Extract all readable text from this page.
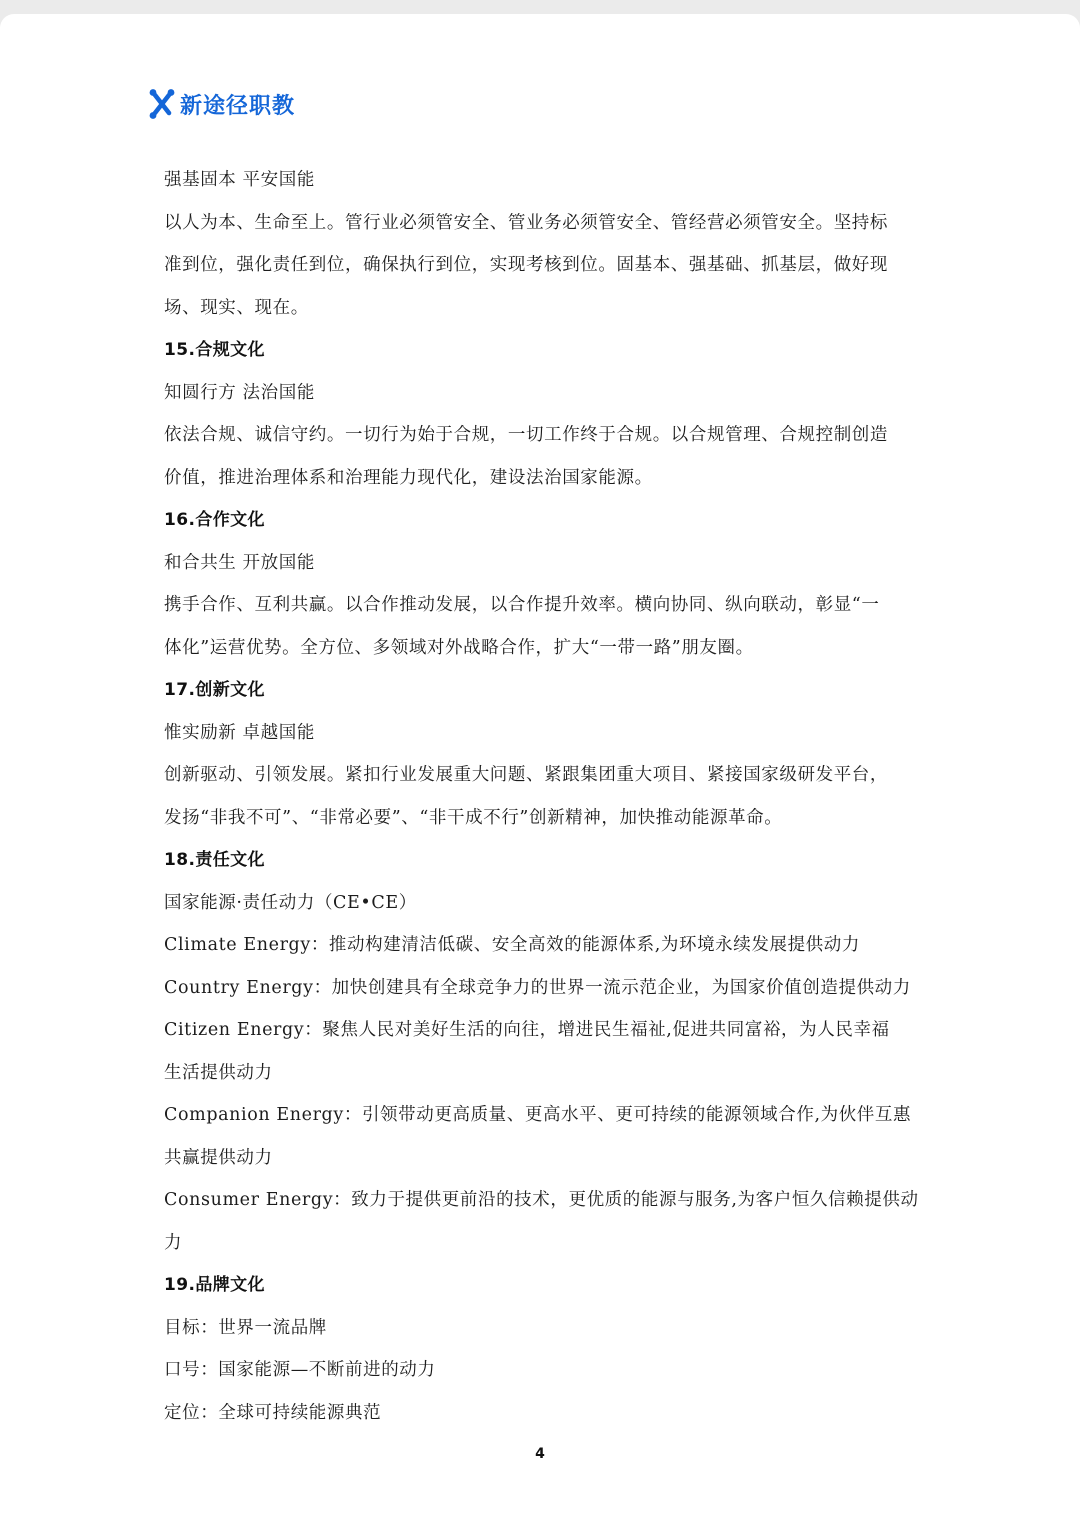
新途径职教
强基固本 平安国能
以人为本、生命至上。管行业必须管安全、管业务必须管安全、管经营必须管安全。坚持标
准到位，强化责任到位，确保执行到位，实现考核到位。固基本、强基础、抓基层，做好现
场、现实、现在。
15.合规文化
知圆行方 法治国能
依法合规、诚信守约。一切行为始于合规，一切工作终于合规。以合规管理、合规控制创造
价值，推进治理体系和治理能力现代化，建设法治国家能源。
16.合作文化
和合共生 开放国能
携手合作、互利共赢。以合作推动发展，以合作提升效率。横向协同、纵向联动，彰显“一
体化”运营优势。全方位、多领域对外战略合作，扩大“一带一路”朋友圈。
17.创新文化
惟实励新 卓越国能
创新驱动、引领发展。紧扣行业发展重大问题、紧跟集团重大项目、紧接国家级研发平台，
发扬“非我不可”、“非常必要”、“非干成不行”创新精神，加快推动能源革命。
18.责任文化
国家能源·责任动力（CE•CE）
Climate Energy：推动构建清洁低碳、安全高效的能源体系,为环境永续发展提供动力
Country Energy：加快创建具有全球竞争力的世界一流示范企业，为国家价值创造提供动力
Citizen Energy：聚焦人民对美好生活的向往，增进民生福祉,促进共同富裕，为人民幸福
生活提供动力
Companion Energy：引领带动更高质量、更高水平、更可持续的能源领域合作,为伙伴互惠
共赢提供动力
Consumer Energy：致力于提供更前沿的技术，更优质的能源与服务,为客户恒久信赖提供动
力
19.品牌文化
目标：世界一流品牌
口号：国家能源—不断前进的动力
定位：全球可持续能源典范
4
